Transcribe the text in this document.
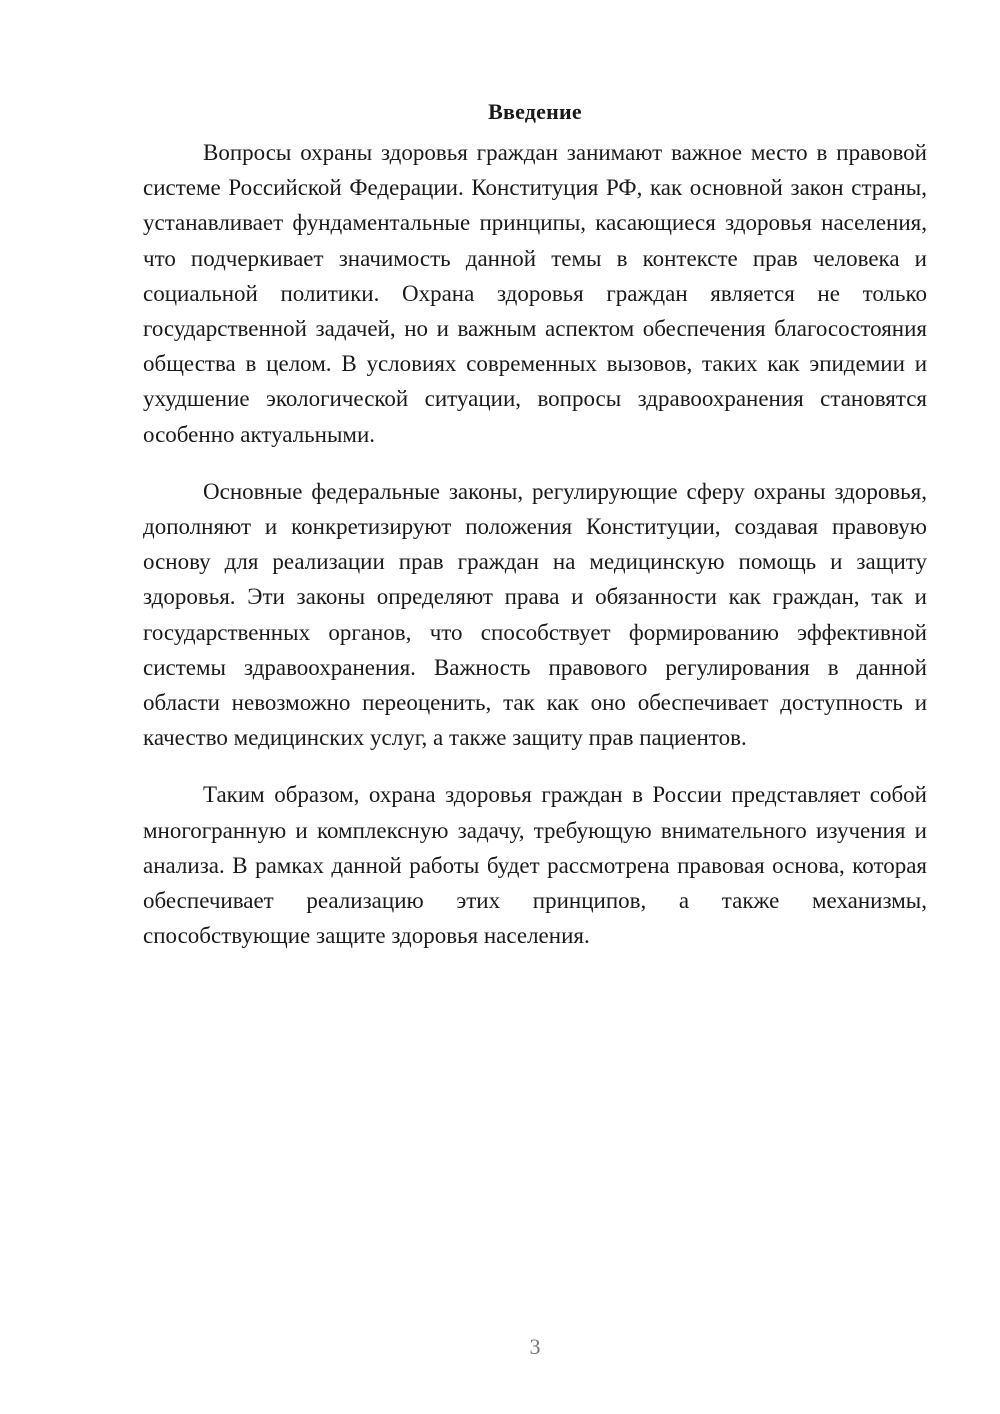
Введение

Вопросы охраны здоровья граждан занимают важное место в правовой системе Российской Федерации. Конституция РФ, как основной закон страны, устанавливает фундаментальные принципы, касающиеся здоровья населения, что подчеркивает значимость данной темы в контексте прав человека и социальной политики. Охрана здоровья граждан является не только государственной задачей, но и важным аспектом обеспечения благосостояния общества в целом. В условиях современных вызовов, таких как эпидемии и ухудшение экологической ситуации, вопросы здравоохранения становятся особенно актуальными.

Основные федеральные законы, регулирующие сферу охраны здоровья, дополняют и конкретизируют положения Конституции, создавая правовую основу для реализации прав граждан на медицинскую помощь и защиту здоровья. Эти законы определяют права и обязанности как граждан, так и государственных органов, что способствует формированию эффективной системы здравоохранения. Важность правового регулирования в данной области невозможно переоценить, так как оно обеспечивает доступность и качество медицинских услуг, а также защиту прав пациентов.

Таким образом, охрана здоровья граждан в России представляет собой многогранную и комплексную задачу, требующую внимательного изучения и анализа. В рамках данной работы будет рассмотрена правовая основа, которая обеспечивает реализацию этих принципов, а также механизмы, способствующие защите здоровья населения.

3
